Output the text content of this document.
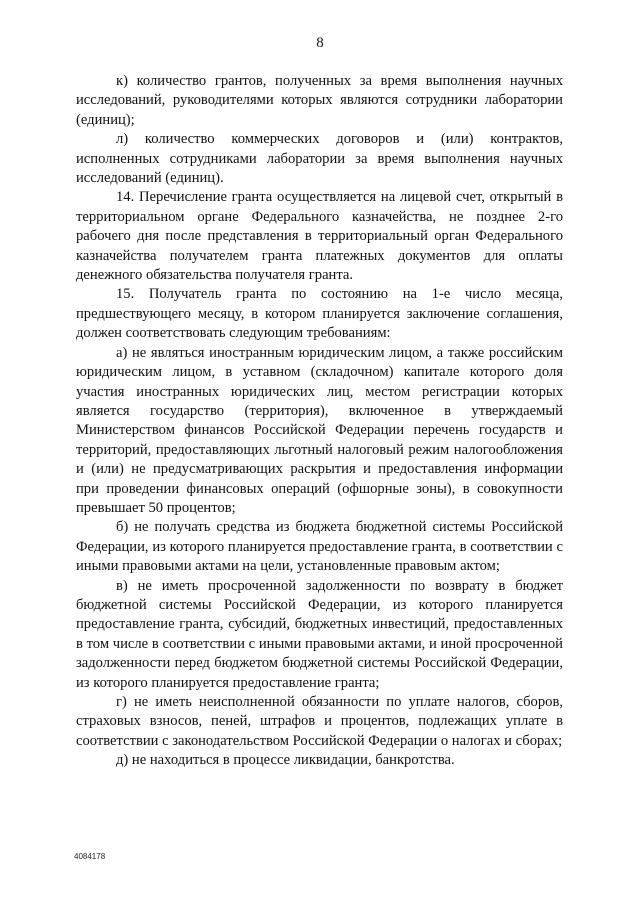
8

к) количество грантов, полученных за время выполнения научных исследований, руководителями которых являются сотрудники лаборатории (единиц);

л) количество коммерческих договоров и (или) контрактов, исполненных сотрудниками лаборатории за время выполнения научных исследований (единиц).

14. Перечисление гранта осуществляется на лицевой счет, открытый в территориальном органе Федерального казначейства, не позднее 2-го рабочего дня после представления в территориальный орган Федерального казначейства получателем гранта платежных документов для оплаты денежного обязательства получателя гранта.

15. Получатель гранта по состоянию на 1-е число месяца, предшествующего месяцу, в котором планируется заключение соглашения, должен соответствовать следующим требованиям:

а) не являться иностранным юридическим лицом, а также российским юридическим лицом, в уставном (складочном) капитале которого доля участия иностранных юридических лиц, местом регистрации которых является государство (территория), включенное в утверждаемый Министерством финансов Российской Федерации перечень государств и территорий, предоставляющих льготный налоговый режим налогообложения и (или) не предусматривающих раскрытия и предоставления информации при проведении финансовых операций (офшорные зоны), в совокупности превышает 50 процентов;

б) не получать средства из бюджета бюджетной системы Российской Федерации, из которого планируется предоставление гранта, в соответствии с иными правовыми актами на цели, установленные правовым актом;

в) не иметь просроченной задолженности по возврату в бюджет бюджетной системы Российской Федерации, из которого планируется предоставление гранта, субсидий, бюджетных инвестиций, предоставленных в том числе в соответствии с иными правовыми актами, и иной просроченной задолженности перед бюджетом бюджетной системы Российской Федерации, из которого планируется предоставление гранта;

г) не иметь неисполненной обязанности по уплате налогов, сборов, страховых взносов, пеней, штрафов и процентов, подлежащих уплате в соответствии с законодательством Российской Федерации о налогах и сборах;

д) не находиться в процессе ликвидации, банкротства.

4084178
